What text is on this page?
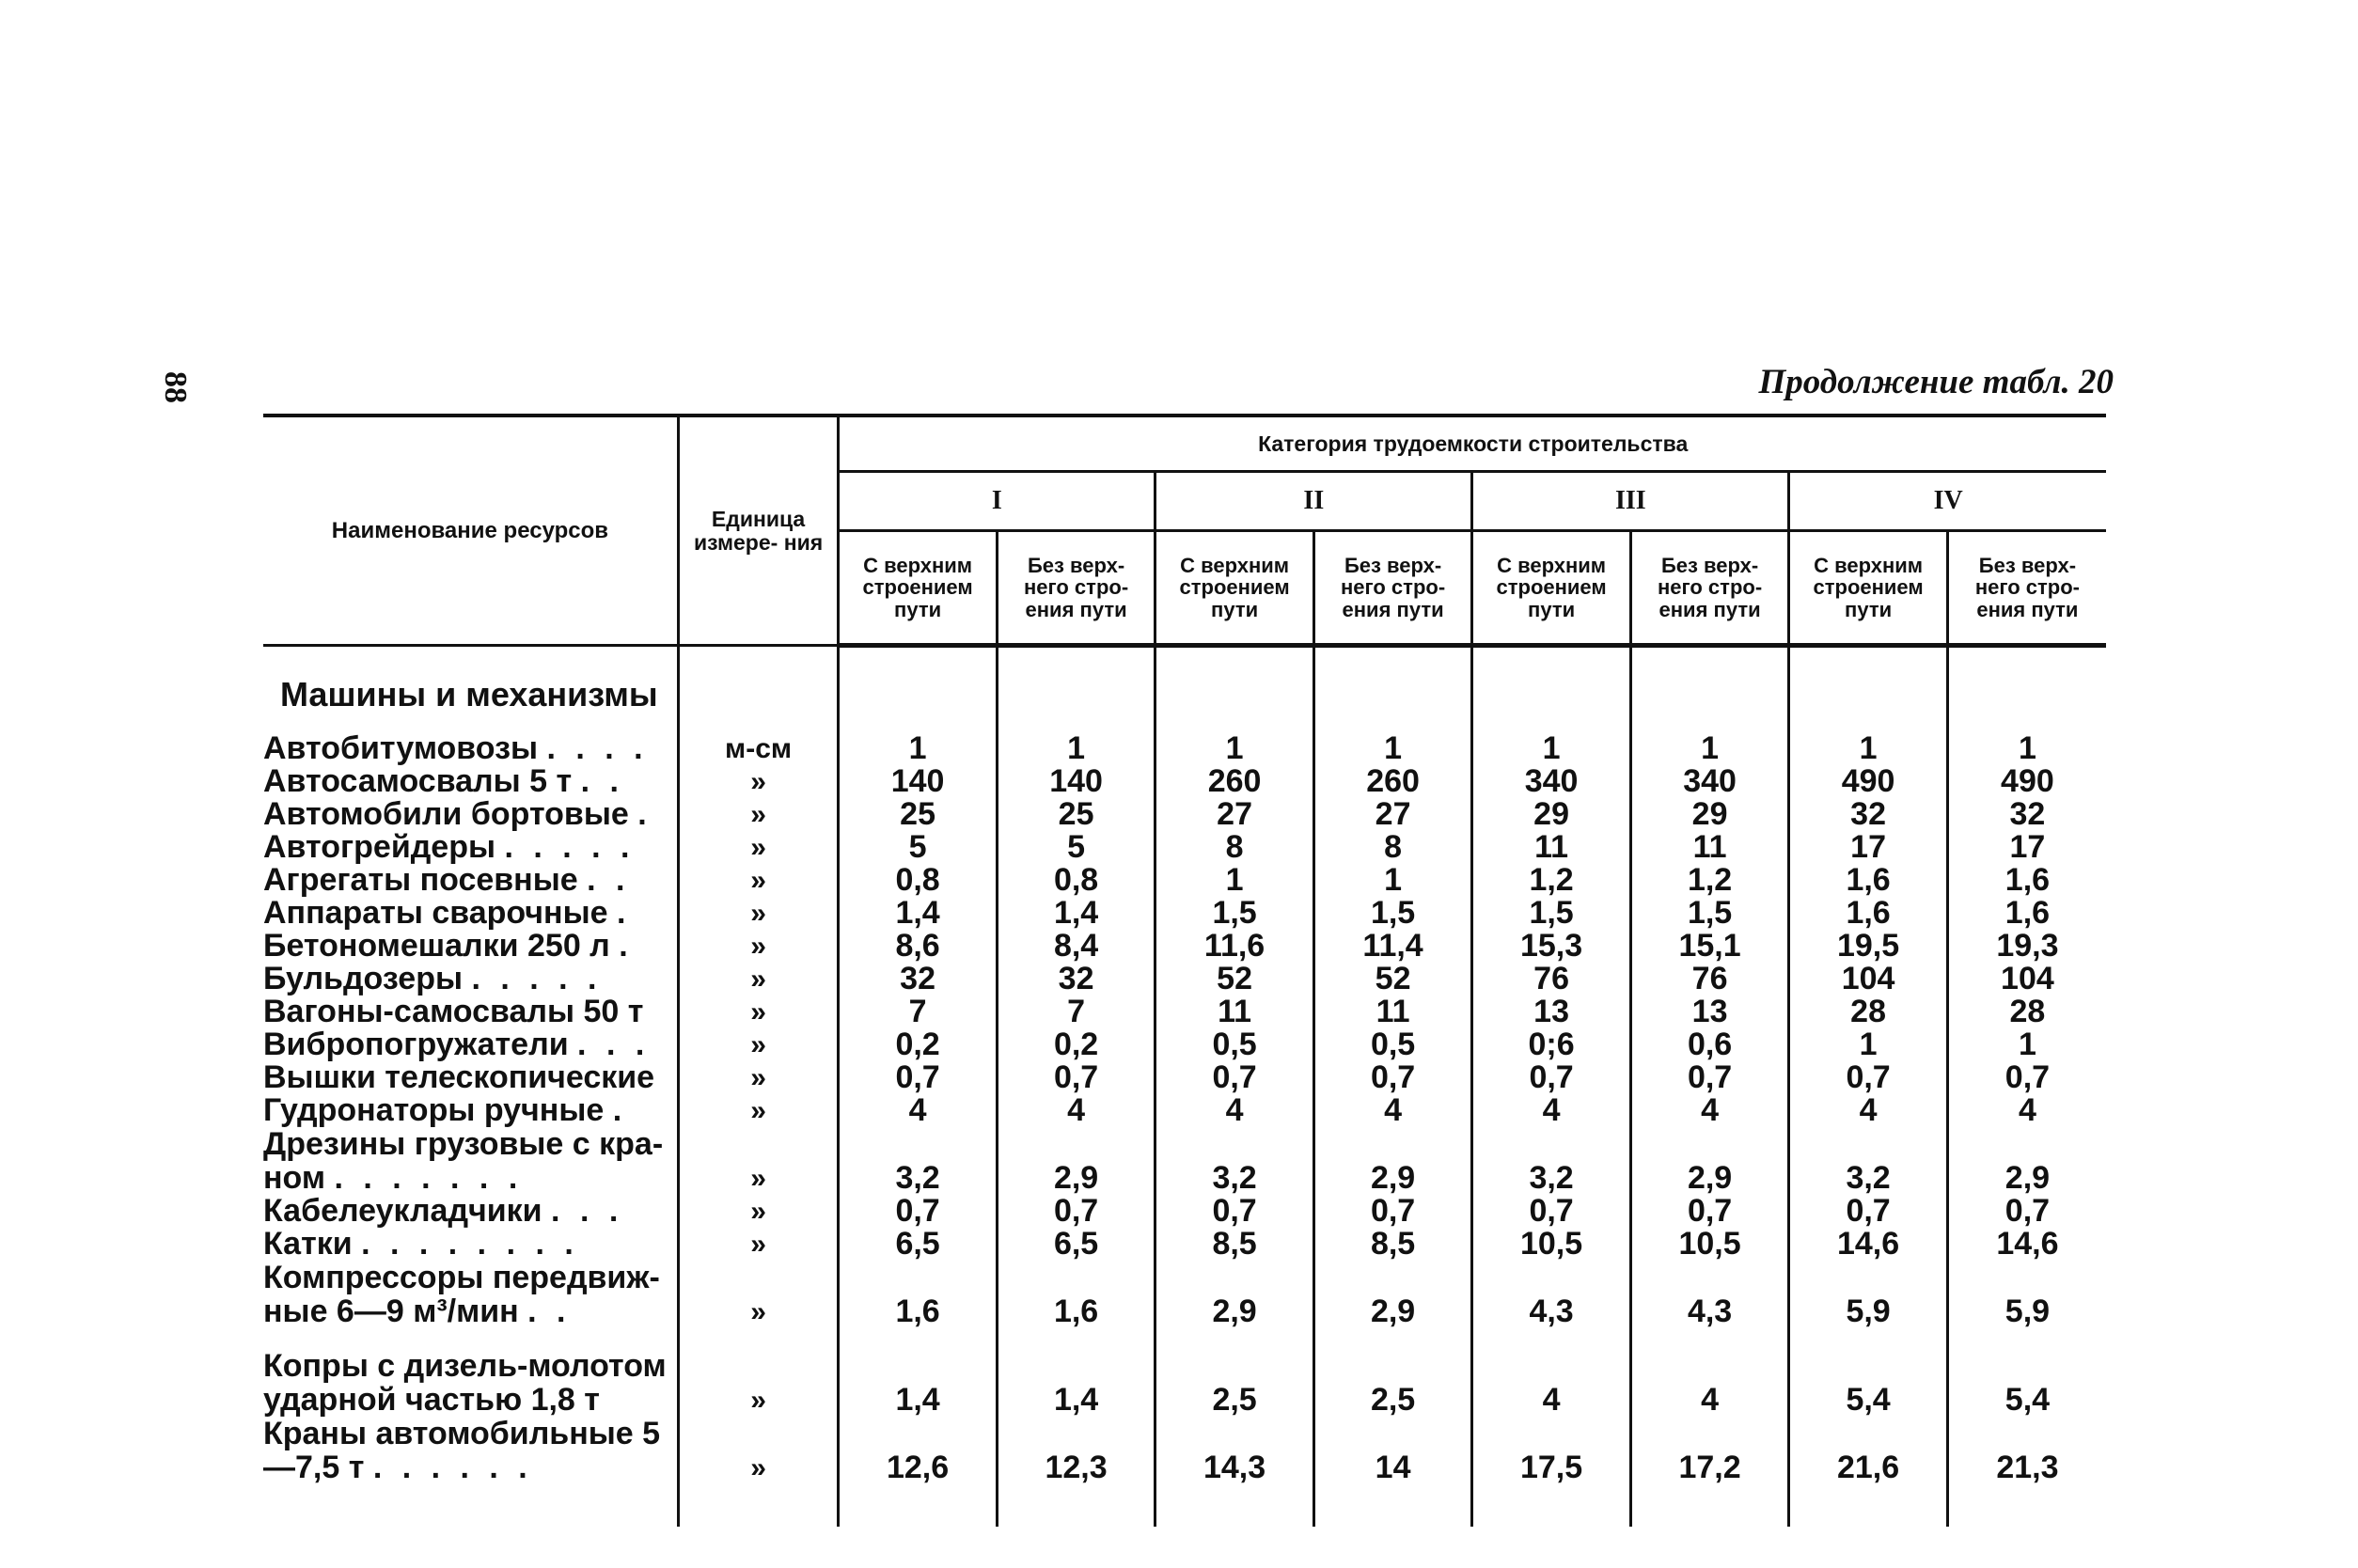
88	Продолжение табл. 20
Наименование ресурсов	Единица измере- ния	Категория трудоемкости строительства							
		I		II		III		IV	
		С верхним строением пути	Без верх- него стро- ения пути	С верхним строением пути	Без верх- него стро- ения пути	С верхним строением пути	Без верх- него стро- ения пути	С верхним строением пути	Без верх- него стро- ения пути
Машины и механизмы									
Автобитумовозы . . . .	м-см	1	1	1	1	1	1	1	1
Автосамосвалы 5 т . .	»	140	140	260	260	340	340	490	490
Автомобили бортовые .	»	25	25	27	27	29	29	32	32
Автогрейдеры . . . . .	»	5	5	8	8	11	11	17	17
Агрегаты посевные . .	»	0,8	0,8	1	1	1,2	1,2	1,6	1,6
Аппараты сварочные .	»	1,4	1,4	1,5	1,5	1,5	1,5	1,6	1,6
Бетономешалки 250 л .	»	8,6	8,4	11,6	11,4	15,3	15,1	19,5	19,3
Бульдозеры . . . . .	»	32	32	52	52	76	76	104	104
Вагоны-самосвалы 50 т	»	7	7	11	11	13	13	28	28
Вибропогружатели . . .	»	0,2	0,2	0,5	0,5	0;6	0,6	1	1
Вышки телескопические	»	0,7	0,7	0,7	0,7	0,7	0,7	0,7	0,7
Гудронаторы ручные .	»	4	4	4	4	4	4	4	4
Дрезины грузовые с кра- ном . . . . . . .	»	3,2	2,9	3,2	2,9	3,2	2,9	3,2	2,9
Кабелеукладчики . . .	»	0,7	0,7	0,7	0,7	0,7	0,7	0,7	0,7
Катки . . . . . . . .	»	6,5	6,5	8,5	8,5	10,5	10,5	14,6	14,6
Компрессоры передвиж- ные 6—9 м³/мин . .	»	1,6	1,6	2,9	2,9	4,3	4,3	5,9	5,9

Копры с дизель-молотом ударной частью 1,8 т	»	1,4	1,4	2,5	2,5	4	4	5,4	5,4
Краны автомобильные 5—7,5 т . . . . . .	»	12,6	12,3	14,3	14	17,5	17,2	21,6	21,3
